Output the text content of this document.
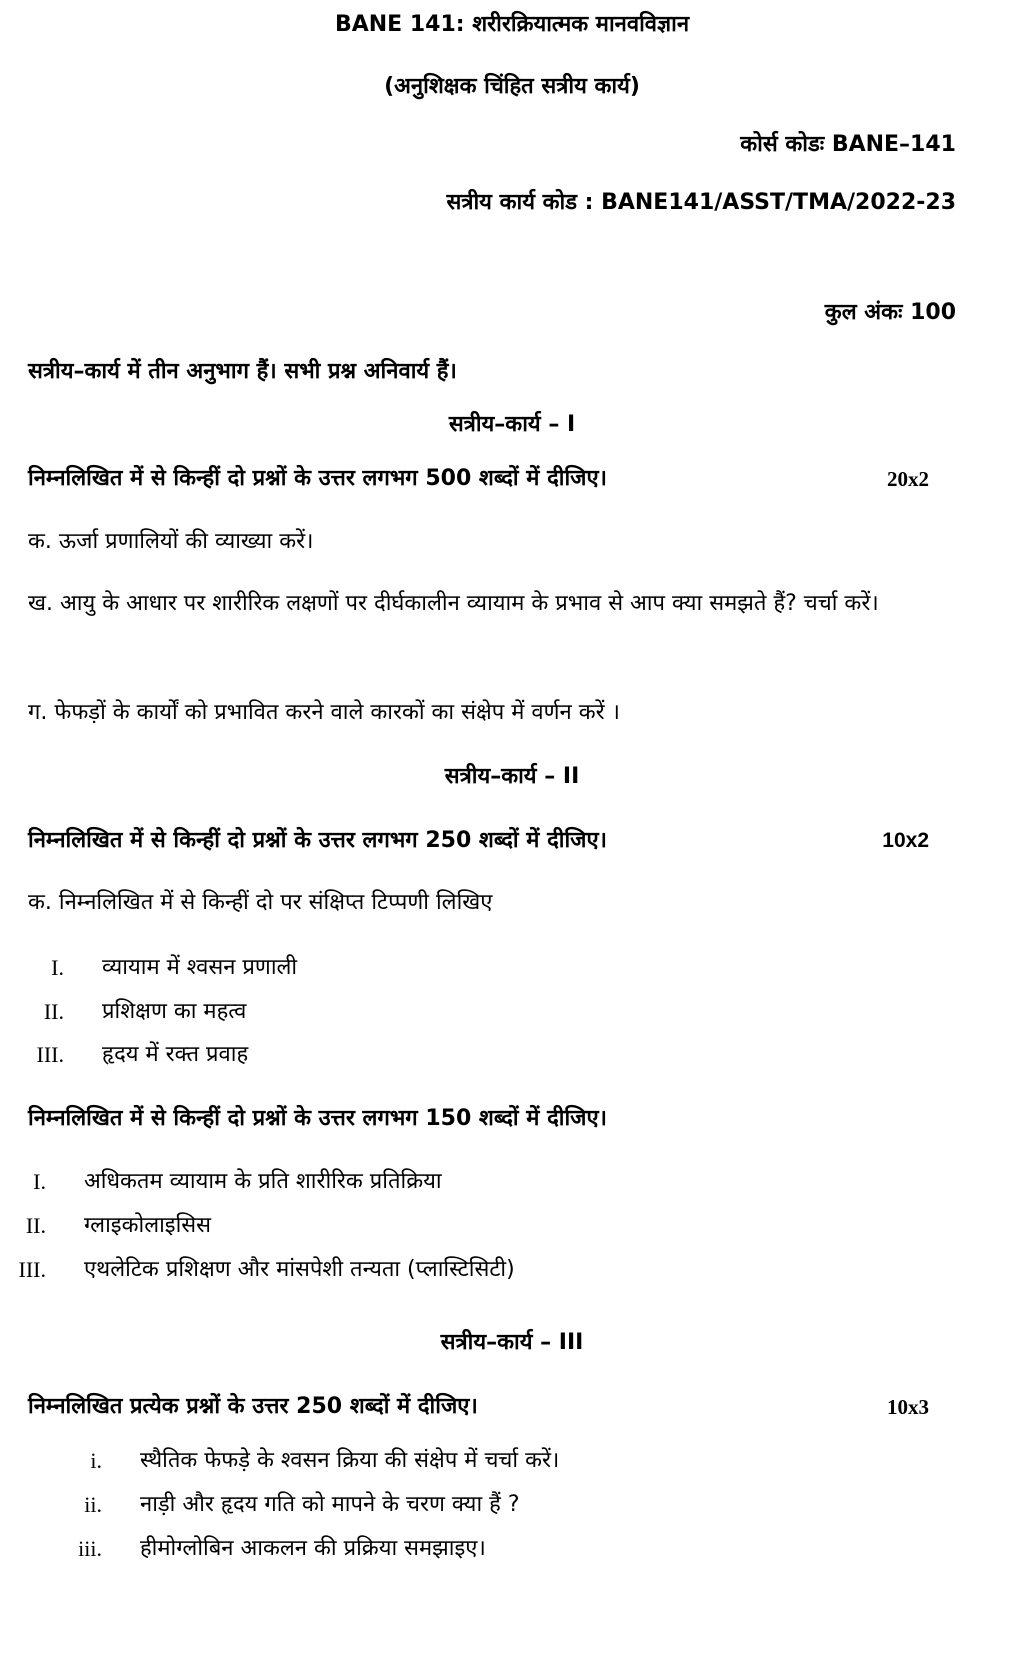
BANE 141: शरीरक्रियात्मक मानवविज्ञान
(अनुशिक्षक चिंहित सत्रीय कार्य)
कोर्स कोडः BANE–141
सत्रीय कार्य कोड : BANE141/ASST/TMA/2022-23
कुल अंकः 100
सत्रीय–कार्य में तीन अनुभाग हैं। सभी प्रश्न अनिवार्य हैं।
सत्रीय–कार्य – I
निम्नलिखित में से किन्हीं दो प्रश्नों के उत्तर लगभग 500 शब्दों में दीजिए।	20x2
क. ऊर्जा प्रणालियों की व्याख्या करें।
ख. आयु के आधार पर शारीरिक लक्षणों पर दीर्घकालीन व्यायाम के प्रभाव से आप क्या समझते हैं? चर्चा करें।
ग. फेफड़ों के कार्यों को प्रभावित करने वाले कारकों का संक्षेप में वर्णन करें ।
सत्रीय–कार्य – II
निम्नलिखित में से किन्हीं दो प्रश्नों के उत्तर लगभग 250 शब्दों में दीजिए।	10x2
क. निम्नलिखित में से किन्हीं दो पर संक्षिप्त टिप्पणी लिखिए
I. व्यायाम में श्वसन प्रणाली
II. प्रशिक्षण का महत्व
III. हृदय में रक्त प्रवाह
निम्नलिखित में से किन्हीं दो प्रश्नों के उत्तर लगभग 150 शब्दों में दीजिए।
I. अधिकतम व्यायाम के प्रति शारीरिक प्रतिक्रिया
II. ग्लाइकोलाइसिस
III. एथलेटिक प्रशिक्षण और मांसपेशी तन्यता (प्लास्टिसिटी)
सत्रीय–कार्य – III
निम्नलिखित प्रत्येक प्रश्नों के उत्तर 250 शब्दों में दीजिए।	10x3
i. स्थैतिक फेफड़े के श्वसन क्रिया की संक्षेप में चर्चा करें।
ii. नाड़ी और हृदय गति को मापने के चरण क्या हैं ?
iii. हीमोग्लोबिन आकलन की प्रक्रिया समझाइए।
